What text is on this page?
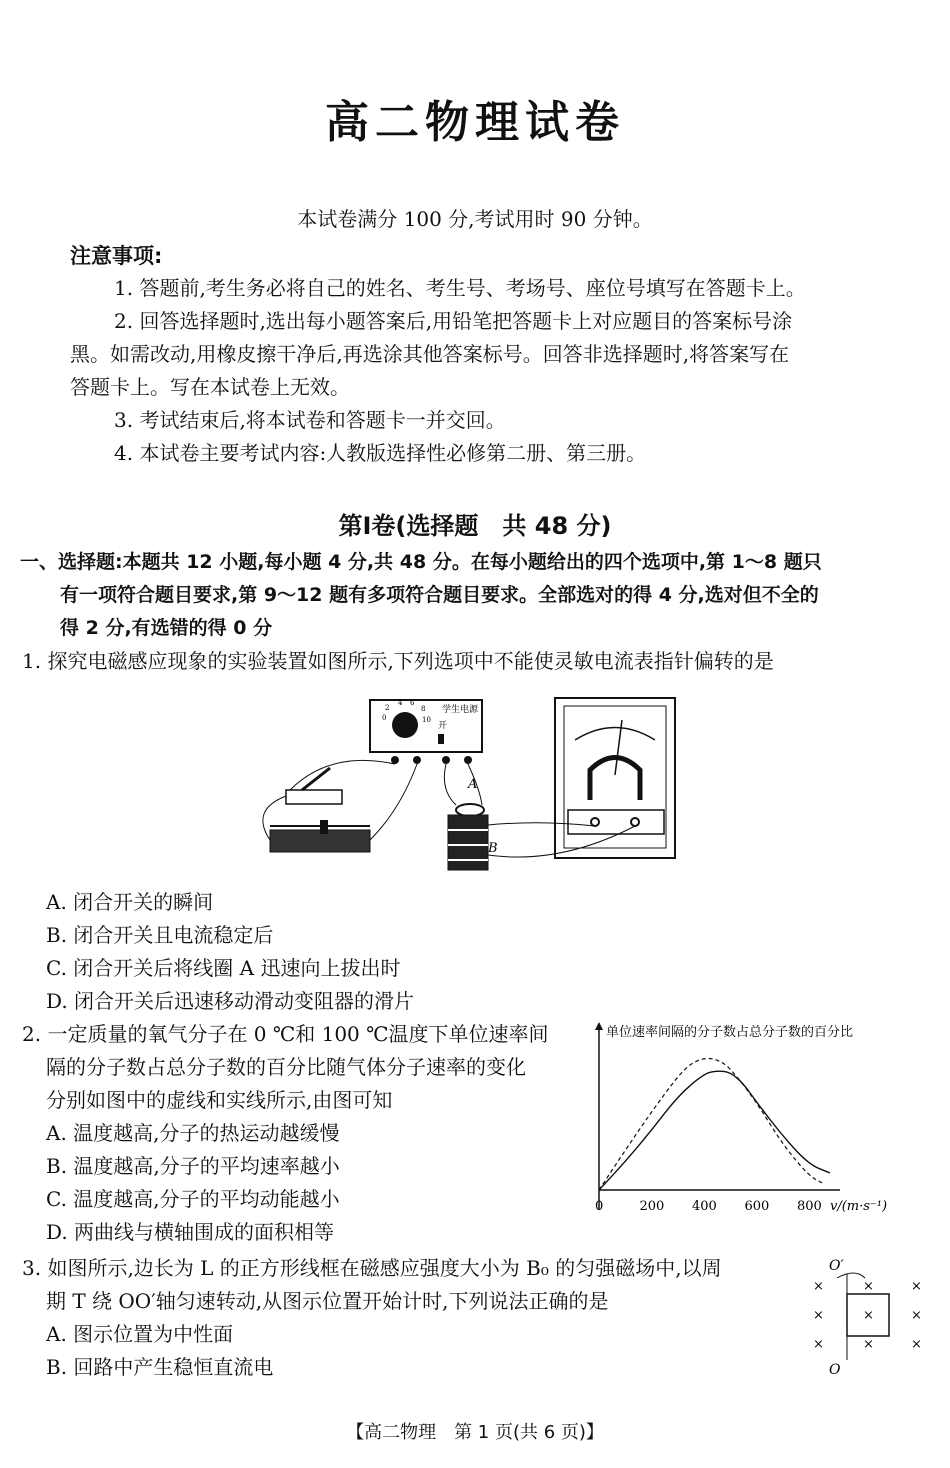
高二物理试卷
本试卷满分 100 分,考试用时 90 分钟。
注意事项:
1. 答题前,考生务必将自己的姓名、考生号、考场号、座位号填写在答题卡上。
2. 回答选择题时,选出每小题答案后,用铅笔把答题卡上对应题目的答案标号涂
黑。如需改动,用橡皮擦干净后,再选涂其他答案标号。回答非选择题时,将答案写在
答题卡上。写在本试卷上无效。
3. 考试结束后,将本试卷和答题卡一并交回。
4. 本试卷主要考试内容:人教版选择性必修第二册、第三册。
第Ⅰ卷(选择题　共 48 分)
一、选择题:本题共 12 小题,每小题 4 分,共 48 分。在每小题给出的四个选项中,第 1～8 题只
有一项符合题目要求,第 9～12 题有多项符合题目要求。全部选对的得 4 分,选对但不全的
得 2 分,有选错的得 0 分
1. 探究电磁感应现象的实验装置如图所示,下列选项中不能使灵敏电流表指针偏转的是
0
2
4 6
8
10
学生电源
开
A
B
A. 闭合开关的瞬间
B. 闭合开关且电流稳定后
C. 闭合开关后将线圈 A 迅速向上拔出时
D. 闭合开关后迅速移动滑动变阻器的滑片
2. 一定质量的氧气分子在 0 ℃和 100 ℃温度下单位速率间
隔的分子数占总分子数的百分比随气体分子速率的变化
分别如图中的虚线和实线所示,由图可知
A. 温度越高,分子的热运动越缓慢
B. 温度越高,分子的平均速率越小
C. 温度越高,分子的平均动能越小
D. 两曲线与横轴围成的面积相等
单位速率间隔的分子数占总分子数的百分比
0	200 400 600 800 v/(m·s⁻¹)
3. 如图所示,边长为 L 的正方形线框在磁感应强度大小为 B₀ 的匀强磁场中,以周
期 T 绕 OO′轴匀速转动,从图示位置开始计时,下列说法正确的是
A. 图示位置为中性面
B. 回路中产生稳恒直流电
O′
O
×	×	×
×	×	×
×	×	×
【高二物理　第 1 页(共 6 页)】
